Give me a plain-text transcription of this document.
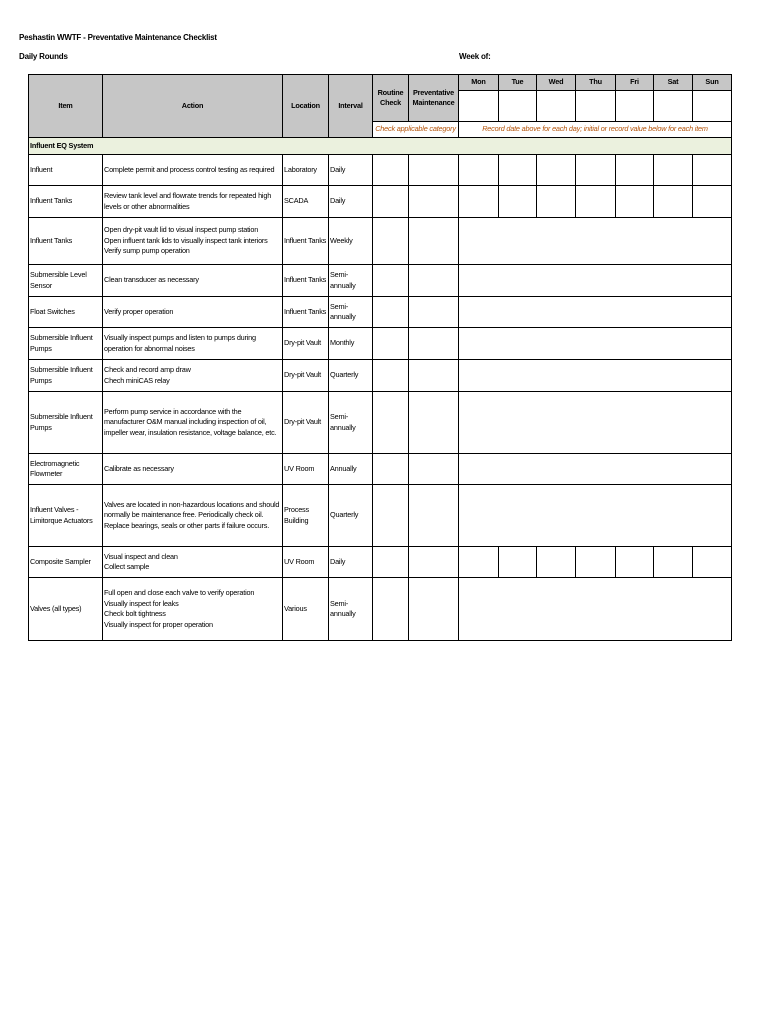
Peshastin WWTF - Preventative Maintenance Checklist
Daily Rounds	Week of:
Item	Action	Location	Interval	Routine Check	Preventative Maintenance	Mon	Tue	Wed	Thu	Fri	Sat	Sun

				Check applicable category		Record date above for each day; initial or record value below for each item						
Influent EQ System												
Influent	Complete permit and process control testing as required	Laboratory	Daily									
Influent Tanks	Review tank level and flowrate trends for repeated high levels or other abnormalities	SCADA	Daily									
Influent Tanks	Open dry-pit vault lid to visual inspect pump station
Open influent tank lids to visually inspect tank interiors
Verify sump pump operation	Influent Tanks	Weekly									
Submersible Level Sensor	Clean transducer as necessary	Influent Tanks	Semi-annually									
Float Switches	Verify proper operation	Influent Tanks	Semi-annually									
Submersible Influent Pumps	Visually inspect pumps and listen to pumps during operation for abnormal noises	Dry-pit Vault	Monthly									
Submersible Influent Pumps	Check and record amp draw
Chech miniCAS relay	Dry-pit Vault	Quarterly									
Submersible Influent Pumps	Perform pump service in accordance with the manufacturer O&M manual including inspection of oil, impeller wear, insulation resistance, voltage balance, etc.	Dry-pit Vault	Semi-annually									
Electromagnetic Flowmeter	Calibrate as necessary	UV Room	Annually									
Influent Valves - Limitorque Actuators	Valves are located in non-hazardous locations and should normally be maintenance free. Periodically check oil. Replace bearings, seals or other parts if failure occurs.	Process Building	Quarterly									
Composite Sampler	Visual inspect and clean
Collect sample	UV Room	Daily									
Valves (all types)	Full open and close each valve to verify operation
Visually inspect for leaks
Check bolt tightness
Visually inspect for proper operation	Various	Semi-annually									
